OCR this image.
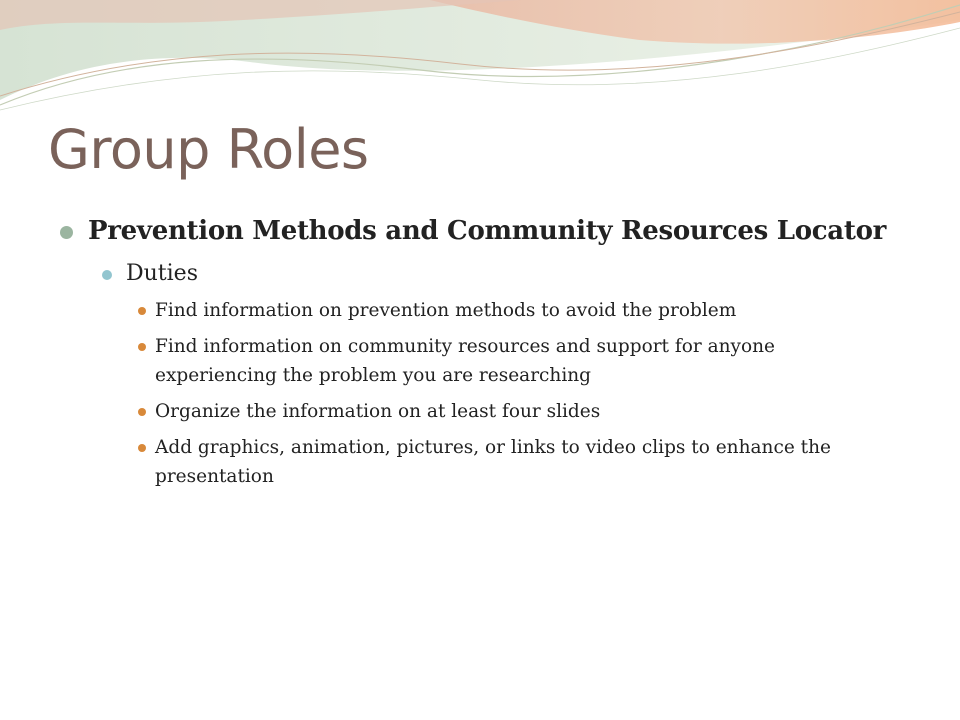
Group Roles
Prevention Methods and Community Resources Locator
Duties
Find information on prevention methods to avoid the problem
Find information on community resources and support for anyone experiencing the problem you are researching
Organize the information on at least four slides
Add graphics, animation, pictures, or links to video clips to enhance the presentation
